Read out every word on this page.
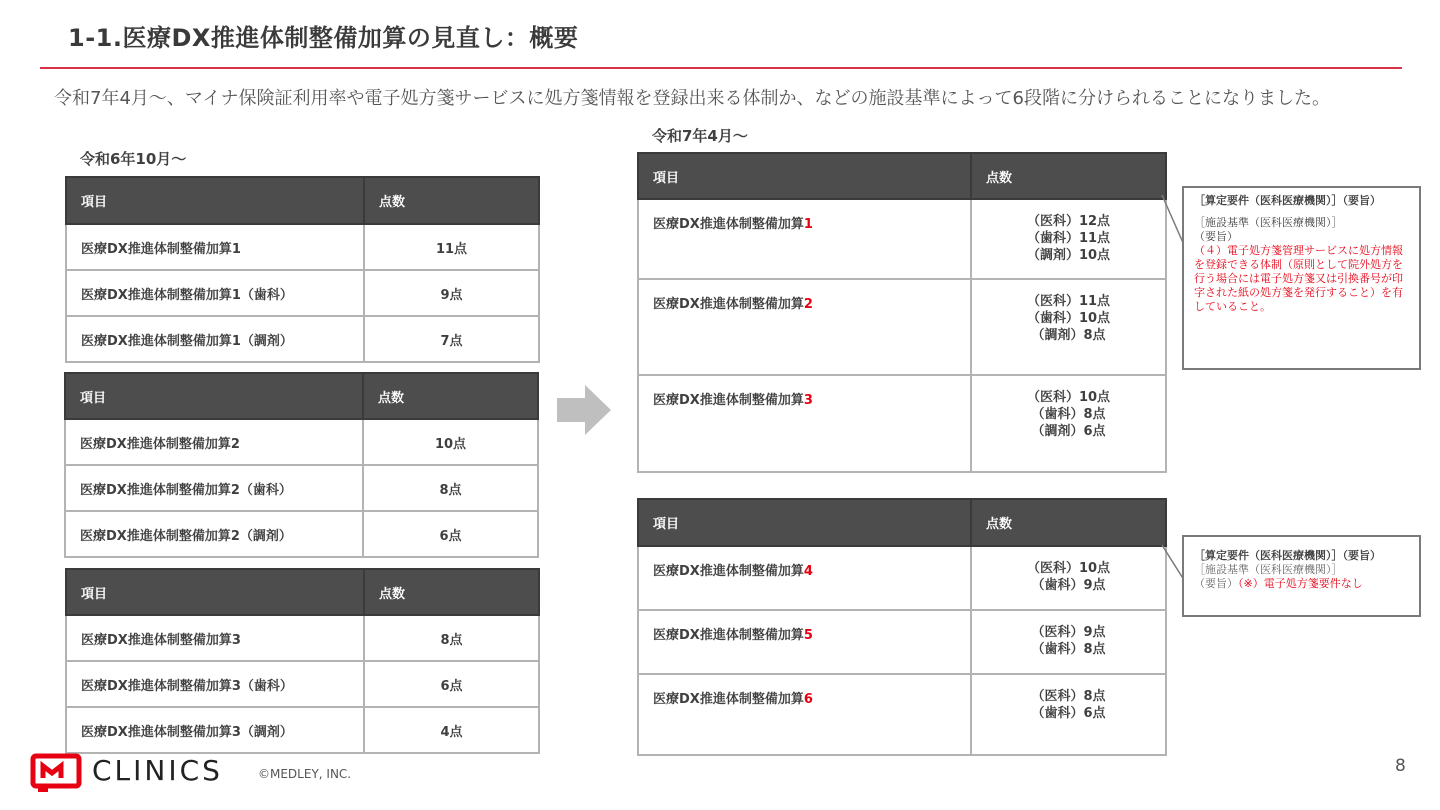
1-1.医療DX推進体制整備加算の見直し：概要
令和7年4月〜、マイナ保険証利用率や電子処方箋サービスに処方箋情報を登録出来る体制か、などの施設基準によって6段階に分けられることになりました。
令和6年10月〜
令和7年4月〜
項目	点数
医療DX推進体制整備加算1	11点
医療DX推進体制整備加算1（歯科）	9点
医療DX推進体制整備加算1（調剤）	7点
項目	点数
医療DX推進体制整備加算2	10点
医療DX推進体制整備加算2（歯科）	8点
医療DX推進体制整備加算2（調剤）	6点
項目	点数
医療DX推進体制整備加算3	8点
医療DX推進体制整備加算3（歯科）	6点
医療DX推進体制整備加算3（調剤）	4点
項目	点数
医療DX推進体制整備加算1	（医科）12点
（歯科）11点
（調剤）10点

医療DX推進体制整備加算2	（医科）11点
（歯科）10点
（調剤）8点

医療DX推進体制整備加算3	（医科）10点
（歯科）8点
（調剤）6点
項目	点数
医療DX推進体制整備加算4	（医科）10点
（歯科）9点

医療DX推進体制整備加算5	（医科）9点
（歯科）8点

医療DX推進体制整備加算6	（医科）8点
（歯科）6点
［算定要件（医科医療機関）］（要旨）
［施設基準（医科医療機関）］
（要旨）
（４）電子処方箋管理サービスに処方情報を登録できる体制（原則として院外処方を行う場合には電子処方箋又は引換番号が印字された紙の処方箋を発行すること）を有していること。
［算定要件（医科医療機関）］（要旨）
［施設基準（医科医療機関）］
（要旨）（※）電子処方箋要件なし
CLINICS	©MEDLEY, INC.	8
